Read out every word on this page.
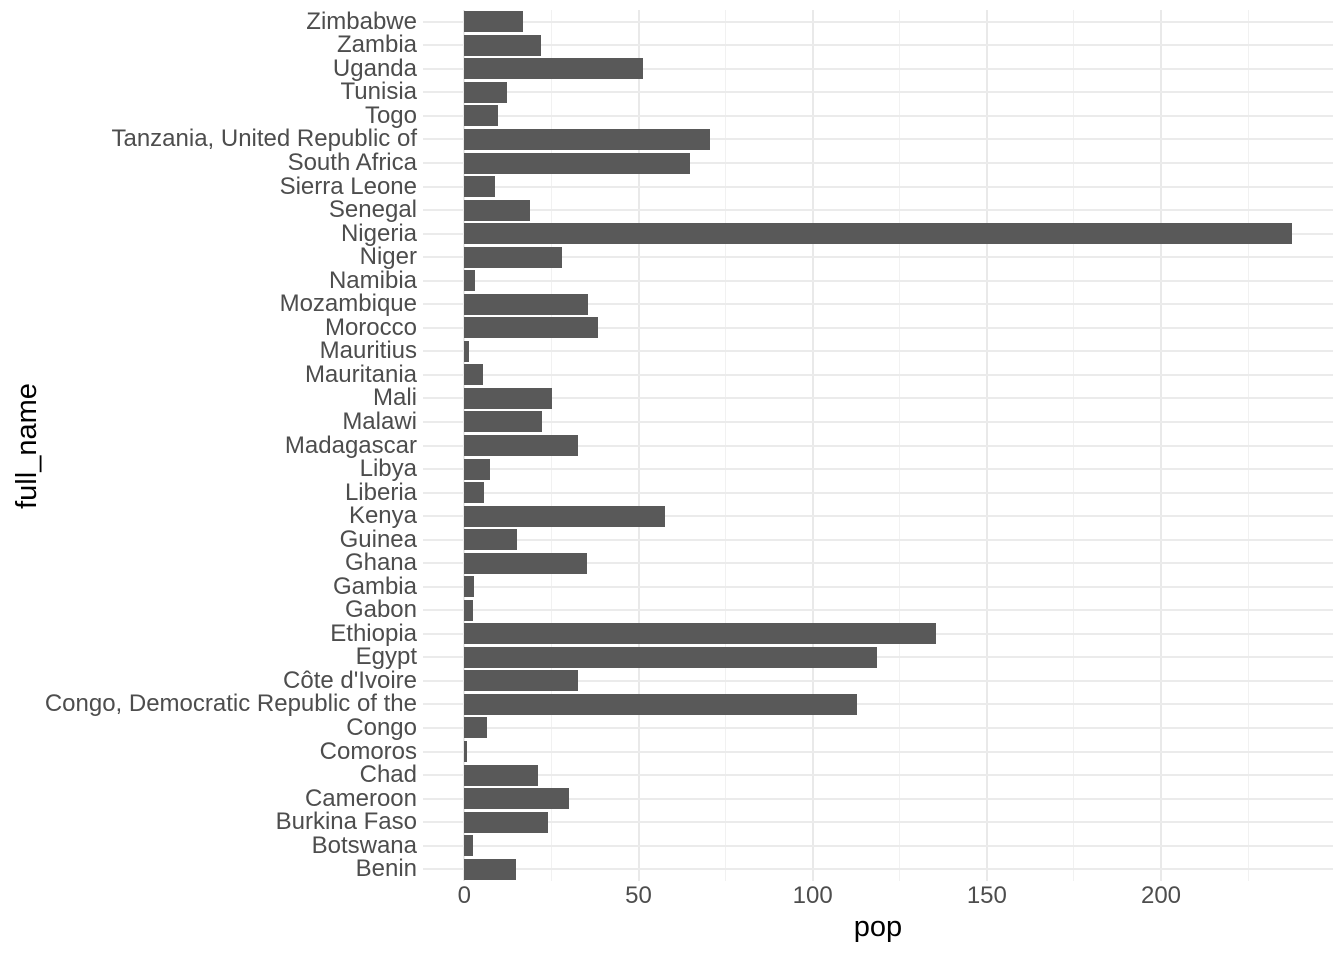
full_name
Zimbabwe
Zambia
Uganda
Tunisia
Togo
Tanzania, United Republic of
South Africa
Sierra Leone
Senegal
Nigeria
Niger
Namibia
Mozambique
Morocco
Mauritius
Mauritania
Mali
Malawi
Madagascar
Libya
Liberia
Kenya
Guinea
Ghana
Gambia
Gabon
Ethiopia
Egypt
Côte d'Ivoire
Congo, Democratic Republic of the
Congo
Comoros
Chad
Cameroon
Burkina Faso
Botswana
Benin
0	50	100	150	200
pop
